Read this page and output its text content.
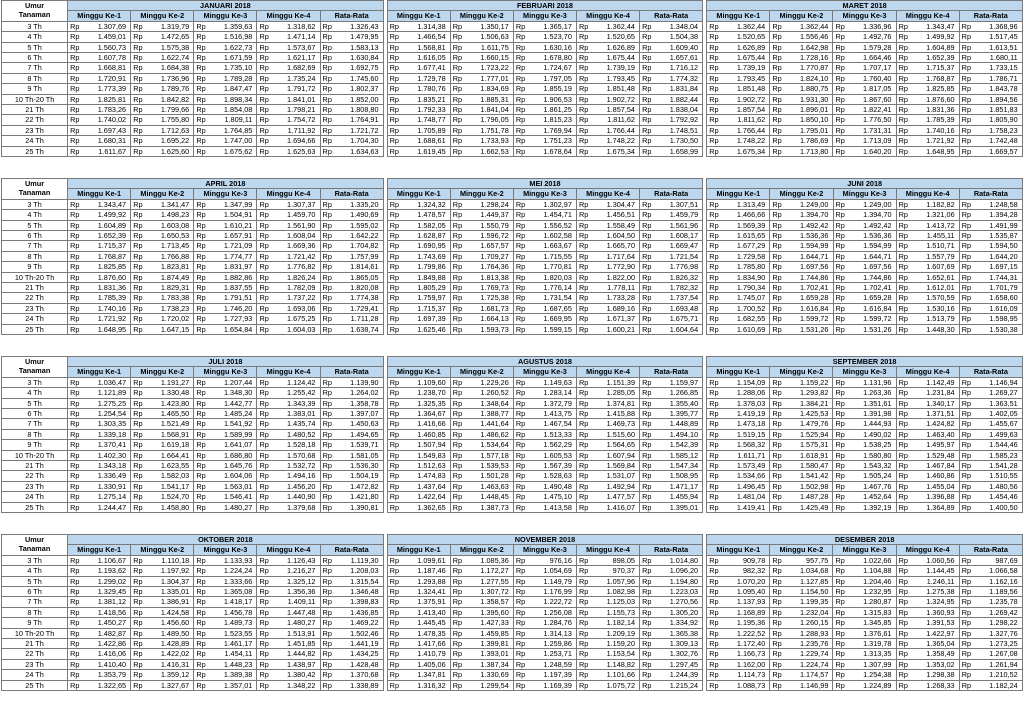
Umur
Tanaman	JANUARI 2018						FEBRUARI 2018						MARET 2018				
	Minggu Ke-1	Minggu Ke-2	Minggu Ke-3	Minggu Ke-4	Rata-Rata		Minggu Ke-1	Minggu Ke-2	Minggu Ke-3	Minggu Ke-4	Rata-Rata		Minggu Ke-1	Minggu Ke-2	Minggu Ke-3	Minggu Ke-4	Rata-Rata
3 Th	Rp 1.307,69	Rp 1.319,79	Rp 1.359,63	Rp 1.318,62	Rp 1.326,43		Rp 1.314,38	Rp 1.350,17	Rp 1.365,17	Rp 1.362,44	Rp 1.348,04		Rp 1.362,44	Rp 1.362,44	Rp 1.336,96	Rp 1.343,47	Rp 1.368,96
4 Th	Rp 1.459,01	Rp 1.472,65	Rp 1.516,98	Rp 1.471,14	Rp 1.479,95		Rp 1.466,54	Rp 1.506,63	Rp 1.523,70	Rp 1.520,65	Rp 1.504,38		Rp 1.520,65	Rp 1.556,46	Rp 1.492,76	Rp 1.499,92	Rp 1.517,45
5 Th	Rp 1.560,73	Rp 1.575,38	Rp 1.622,73	Rp 1.573,67	Rp 1.583,13		Rp 1.568,81	Rp 1.611,75	Rp 1.630,16	Rp 1.626,89	Rp 1.609,40		Rp 1.626,89	Rp 1.642,98	Rp 1.579,28	Rp 1.604,89	Rp 1.613,51
6 Th	Rp 1.607,78	Rp 1.622,74	Rp 1.671,59	Rp 1.621,17	Rp 1.630,84		Rp 1.616,05	Rp 1.660,15	Rp 1.678,80	Rp 1.675,44	Rp 1.657,61		Rp 1.675,44	Rp 1.728,16	Rp 1.664,46	Rp 1.652,39	Rp 1.680,11
7 Th	Rp 1.668,81	Rp 1.684,38	Rp 1.735,10	Rp 1.682,69	Rp 1.692,75		Rp 1.677,41	Rp 1.723,22	Rp 1.724,67	Rp 1.739,19	Rp 1.716,12		Rp 1.739,19	Rp 1.770,87	Rp 1.707,17	Rp 1.715,37	Rp 1.733,15
8 Th	Rp 1.720,91	Rp 1.736,96	Rp 1.789,28	Rp 1.735,24	Rp 1.745,60		Rp 1.729,78	Rp 1.777,01	Rp 1.797,05	Rp 1.793,45	Rp 1.774,32		Rp 1.793,45	Rp 1.824,10	Rp 1.760,40	Rp 1.768,87	Rp 1.786,71
9 Th	Rp 1.773,39	Rp 1.789,76	Rp 1.847,47	Rp 1.791,72	Rp 1.802,37		Rp 1.780,76	Rp 1.834,69	Rp 1.855,19	Rp 1.851,48	Rp 1.831,84		Rp 1.851,48	Rp 1.880,75	Rp 1.817,05	Rp 1.825,85	Rp 1.843,78
10 Th-20 Th	Rp 1.825,81	Rp 1.842,82	Rp 1.898,34	Rp 1.841,01	Rp 1.852,00		Rp 1.835,21	Rp 1.885,31	Rp 1.906,53	Rp 1.902,72	Rp 1.882,44		Rp 1.902,72	Rp 1.931,30	Rp 1.867,60	Rp 1.876,60	Rp 1.894,56
21 Th	Rp 1.783,26	Rp 1.799,66	Rp 1.854,08	Rp 1.798,21	Rp 1.808,80		Rp 1.792,33	Rp 1.841,04	Rp 1.861,25	Rp 1.857,54	Rp 1.838,04		Rp 1.857,54	Rp 1.896,01	Rp 1.822,41	Rp 1.831,36	Rp 1.851,83
22 Th	Rp 1.740,02	Rp 1.755,80	Rp 1.809,11	Rp 1.754,72	Rp 1.764,91		Rp 1.748,77	Rp 1.796,05	Rp 1.815,23	Rp 1.811,62	Rp 1.792,92		Rp 1.811,62	Rp 1.850,10	Rp 1.776,50	Rp 1.785,39	Rp 1.805,90
23 Th	Rp 1.697,43	Rp 1.712,63	Rp 1.764,85	Rp 1.711,92	Rp 1.721,72		Rp 1.705,89	Rp 1.751,78	Rp 1.769,94	Rp 1.766,44	Rp 1.748,51		Rp 1.766,44	Rp 1.795,01	Rp 1.731,31	Rp 1.740,16	Rp 1.758,23
24 Th	Rp 1.680,31	Rp 1.695,22	Rp 1.747,00	Rp 1.694,66	Rp 1.704,30		Rp 1.688,61	Rp 1.733,93	Rp 1.751,23	Rp 1.748,22	Rp 1.730,50		Rp 1.748,22	Rp 1.786,69	Rp 1.713,09	Rp 1.721,92	Rp 1.742,48
25 Th	Rp 1.611,67	Rp 1.625,60	Rp 1.675,62	Rp 1.625,63	Rp 1.634,63		Rp 1.619,45	Rp 1.662,53	Rp 1.678,64	Rp 1.675,34	Rp 1.658,99		Rp 1.675,34	Rp 1.713,80	Rp 1.640,20	Rp 1.648,95	Rp 1.669,57
Umur
Tanaman	APRIL 2018						MEI 2018						JUNI 2018				
	Minggu Ke-1	Minggu Ke-2	Minggu Ke-3	Minggu Ke-4	Rata-Rata		Minggu Ke-1	Minggu Ke-2	Minggu Ke-3	Minggu Ke-4	Rata-Rata		Minggu Ke-1	Minggu Ke-2	Minggu Ke-3	Minggu Ke-4	Rata-Rata
3 Th	Rp 1.343,47	Rp 1.341,47	Rp 1.347,99	Rp 1.307,37	Rp 1.335,20		Rp 1.324,32	Rp 1.298,24	Rp 1.302,97	Rp 1.304,47	Rp 1.307,51		Rp 1.313,49	Rp 1.249,00	Rp 1.249,00	Rp 1.182,82	Rp 1.248,58
4 Th	Rp 1.499,92	Rp 1.498,23	Rp 1.504,91	Rp 1.459,70	Rp 1.490,69		Rp 1.478,57	Rp 1.449,37	Rp 1.454,71	Rp 1.456,51	Rp 1.459,79		Rp 1.466,66	Rp 1.394,70	Rp 1.394,70	Rp 1.321,06	Rp 1.394,28
5 Th	Rp 1.604,89	Rp 1.603,08	Rp 1.610,21	Rp 1.561,90	Rp 1.595,02		Rp 1.582,05	Rp 1.550,79	Rp 1.556,52	Rp 1.558,49	Rp 1.561,96		Rp 1.569,39	Rp 1.492,42	Rp 1.492,42	Rp 1.413,72	Rp 1.491,99
6 Th	Rp 1.652,39	Rp 1.650,53	Rp 1.657,91	Rp 1.608,04	Rp 1.642,22		Rp 1.628,87	Rp 1.596,72	Rp 1.602,58	Rp 1.604,50	Rp 1.608,17		Rp 1.615,65	Rp 1.536,36	Rp 1.536,36	Rp 1.455,11	Rp 1.535,87
7 Th	Rp 1.715,37	Rp 1.713,45	Rp 1.721,09	Rp 1.669,36	Rp 1.704,82		Rp 1.690,95	Rp 1.657,57	Rp 1.663,67	Rp 1.665,70	Rp 1.669,47		Rp 1.677,29	Rp 1.594,99	Rp 1.594,99	Rp 1.510,71	Rp 1.594,50
8 Th	Rp 1.768,87	Rp 1.766,88	Rp 1.774,77	Rp 1.721,42	Rp 1.757,99		Rp 1.743,69	Rp 1.709,27	Rp 1.715,55	Rp 1.717,64	Rp 1.721,54		Rp 1.729,58	Rp 1.644,71	Rp 1.644,71	Rp 1.557,79	Rp 1.644,20
9 Th	Rp 1.825,85	Rp 1.823,81	Rp 1.831,97	Rp 1.776,82	Rp 1.814,61		Rp 1.799,86	Rp 1.764,36	Rp 1.770,81	Rp 1.772,90	Rp 1.776,98		Rp 1.785,80	Rp 1.697,56	Rp 1.697,56	Rp 1.607,69	Rp 1.697,15
10 Th-20 Th	Rp 1.876,60	Rp 1.874,49	Rp 1.882,86	Rp 1.826,24	Rp 1.865,05		Rp 1.849,88	Rp 1.813,38	Rp 1.820,03	Rp 1.822,00	Rp 1.826,32		Rp 1.834,90	Rp 1.744,86	Rp 1.744,86	Rp 1.652,61	Rp 1.744,31
21 Th	Rp 1.831,36	Rp 1.829,31	Rp 1.837,55	Rp 1.782,09	Rp 1.820,08		Rp 1.805,29	Rp 1.769,73	Rp 1.776,14	Rp 1.778,11	Rp 1.782,32		Rp 1.790,34	Rp 1.702,41	Rp 1.702,41	Rp 1.612,01	Rp 1.701,79
22 Th	Rp 1.785,39	Rp 1.783,38	Rp 1.791,51	Rp 1.737,22	Rp 1.774,38		Rp 1.759,97	Rp 1.725,38	Rp 1.731,54	Rp 1.733,28	Rp 1.737,54		Rp 1.745,07	Rp 1.659,28	Rp 1.659,28	Rp 1.570,59	Rp 1.658,60
23 Th	Rp 1.740,16	Rp 1.738,23	Rp 1.746,20	Rp 1.693,06	Rp 1.729,41		Rp 1.715,37	Rp 1.681,73	Rp 1.687,65	Rp 1.689,16	Rp 1.693,48		Rp 1.700,52	Rp 1.616,84	Rp 1.616,84	Rp 1.530,16	Rp 1.616,09
24 Th	Rp 1.721,92	Rp 1.720,02	Rp 1.727,93	Rp 1.675,25	Rp 1.711,28		Rp 1.697,39	Rp 1.664,13	Rp 1.669,95	Rp 1.671,37	Rp 1.675,71		Rp 1.682,55	Rp 1.599,72	Rp 1.599,72	Rp 1.513,79	Rp 1.598,95
25 Th	Rp 1.648,95	Rp 1.647,15	Rp 1.654,84	Rp 1.604,03	Rp 1.638,74		Rp 1.625,46	Rp 1.593,73	Rp 1.599,15	Rp 1.600,21	Rp 1.604,64		Rp 1.610,69	Rp 1.531,26	Rp 1.531,26	Rp 1.448,30	Rp 1.530,38
Umur
Tanaman	JULI 2018						AGUSTUS 2018						SEPTEMBER 2018				
	Minggu Ke-1	Minggu Ke-2	Minggu Ke-3	Minggu Ke-4	Rata-Rata		Minggu Ke-1	Minggu Ke-2	Minggu Ke-3	Minggu Ke-4	Rata-Rata		Minggu Ke-1	Minggu Ke-2	Minggu Ke-3	Minggu Ke-4	Rata-Rata
3 Th	Rp 1.036,47	Rp 1.191,27	Rp 1.207,44	Rp 1.124,42	Rp 1.139,90		Rp 1.109,60	Rp 1.229,26	Rp 1.149,63	Rp 1.151,39	Rp 1.159,97		Rp 1.154,09	Rp 1.159,22	Rp 1.131,96	Rp 1.142,49	Rp 1.146,94
4 Th	Rp 1.121,89	Rp 1.330,48	Rp 1.348,30	Rp 1.255,42	Rp 1.264,02		Rp 1.238,70	Rp 1.260,52	Rp 1.283,14	Rp 1.285,05	Rp 1.266,85		Rp 1.288,06	Rp 1.293,82	Rp 1.263,36	Rp 1.231,84	Rp 1.269,27
5 Th	Rp 1.275,25	Rp 1.423,80	Rp 1.442,77	Rp 1.343,39	Rp 1.358,78		Rp 1.325,35	Rp 1.348,64	Rp 1.372,79	Rp 1.374,81	Rp 1.355,40		Rp 1.378,03	Rp 1.384,21	Rp 1.351,61	Rp 1.340,17	Rp 1.363,51
6 Th	Rp 1.254,54	Rp 1.465,50	Rp 1.485,24	Rp 1.383,01	Rp 1.397,07		Rp 1.364,67	Rp 1.388,77	Rp 1.413,75	Rp 1.415,88	Rp 1.395,77		Rp 1.419,19	Rp 1.425,53	Rp 1.391,98	Rp 1.371,51	Rp 1.402,05
7 Th	Rp 1.303,35	Rp 1.521,49	Rp 1.541,92	Rp 1.435,74	Rp 1.450,63		Rp 1.416,66	Rp 1.441,64	Rp 1.467,54	Rp 1.469,73	Rp 1.448,89		Rp 1.473,18	Rp 1.479,76	Rp 1.444,93	Rp 1.424,82	Rp 1.455,67
8 Th	Rp 1.339,18	Rp 1.568,91	Rp 1.589,99	Rp 1.480,52	Rp 1.494,65		Rp 1.460,85	Rp 1.486,62	Rp 1.513,33	Rp 1.515,60	Rp 1.494,10		Rp 1.519,15	Rp 1.525,94	Rp 1.490,02	Rp 1.463,40	Rp 1.499,63
9 Th	Rp 1.370,41	Rp 1.619,18	Rp 1.641,07	Rp 1.528,18	Rp 1.539,71		Rp 1.507,94	Rp 1.534,64	Rp 1.562,29	Rp 1.564,65	Rp 1.542,39		Rp 1.568,32	Rp 1.575,31	Rp 1.538,25	Rp 1.495,97	Rp 1.544,46
10 Th-20 Th	Rp 1.402,30	Rp 1.664,41	Rp 1.686,80	Rp 1.570,68	Rp 1.581,05		Rp 1.549,83	Rp 1.577,18	Rp 1.605,53	Rp 1.607,94	Rp 1.585,12		Rp 1.611,71	Rp 1.618,91	Rp 1.580,80	Rp 1.529,48	Rp 1.585,23
21 Th	Rp 1.343,18	Rp 1.623,55	Rp 1.645,76	Rp 1.532,72	Rp 1.536,30		Rp 1.512,63	Rp 1.539,53	Rp 1.567,39	Rp 1.569,84	Rp 1.547,34		Rp 1.573,49	Rp 1.580,47	Rp 1.543,32	Rp 1.467,84	Rp 1.541,28
22 Th	Rp 1.336,49	Rp 1.582,03	Rp 1.604,06	Rp 1.494,16	Rp 1.504,19		Rp 1.474,83	Rp 1.501,28	Rp 1.528,63	Rp 1.531,07	Rp 1.508,95		Rp 1.534,66	Rp 1.541,42	Rp 1.505,24	Rp 1.460,86	Rp 1.510,55
23 Th	Rp 1.330,91	Rp 1.541,17	Rp 1.563,01	Rp 1.456,20	Rp 1.472,82		Rp 1.437,64	Rp 1.463,63	Rp 1.490,48	Rp 1.492,94	Rp 1.471,17		Rp 1.496,45	Rp 1.502,98	Rp 1.467,76	Rp 1.455,04	Rp 1.480,56
24 Th	Rp 1.275,14	Rp 1.524,70	Rp 1.546,41	Rp 1.440,90	Rp 1.421,80		Rp 1.422,64	Rp 1.448,45	Rp 1.475,10	Rp 1.477,57	Rp 1.455,94		Rp 1.481,04	Rp 1.487,28	Rp 1.452,64	Rp 1.396,88	Rp 1.454,46
25 Th	Rp 1.244,47	Rp 1.458,80	Rp 1.480,27	Rp 1.379,68	Rp 1.390,81		Rp 1.362,65	Rp 1.387,73	Rp 1.413,58	Rp 1.416,07	Rp 1.395,01		Rp 1.419,41	Rp 1.425,49	Rp 1.392,19	Rp 1.364,89	Rp 1.400,50
Umur
Tanaman	OKTOBER 2018						NOVEMBER 2018						DESEMBER 2018				
	Minggu Ke-1	Minggu Ke-2	Minggu Ke-3	Minggu Ke-4	Rata-Rata		Minggu Ke-1	Minggu Ke-2	Minggu Ke-3	Minggu Ke-4	Rata-Rata		Minggu Ke-1	Minggu Ke-2	Minggu Ke-3	Minggu Ke-4	Rata-Rata
3 Th	Rp 1.106,67	Rp 1.110,18	Rp 1.133,93	Rp 1.126,43	Rp 1.119,30		Rp 1.099,61	Rp 1.085,36	Rp 976,16	Rp 898,05	Rp 1.014,80		Rp 909,78	Rp 957,75	Rp 1.022,66	Rp 1.060,56	Rp 987,69
4 Th	Rp 1.193,62	Rp 1.197,92	Rp 1.224,24	Rp 1.216,27	Rp 1.208,03		Rp 1.187,46	Rp 1.172,27	Rp 1.054,69	Rp 970,37	Rp 1.096,20		Rp 982,32	Rp 1.034,68	Rp 1.104,88	Rp 1.144,45	Rp 1.066,58
5 Th	Rp 1.299,02	Rp 1.304,37	Rp 1.333,66	Rp 1.325,12	Rp 1.315,54		Rp 1.293,88	Rp 1.277,55	Rp 1.149,79	Rp 1.057,96	Rp 1.194,80		Rp 1.070,20	Rp 1.127,85	Rp 1.204,46	Rp 1.246,11	Rp 1.162,16
6 Th	Rp 1.329,45	Rp 1.335,01	Rp 1.365,08	Rp 1.356,36	Rp 1.346,48		Rp 1.324,41	Rp 1.307,72	Rp 1.176,99	Rp 1.082,98	Rp 1.223,03		Rp 1.095,40	Rp 1.154,50	Rp 1.232,95	Rp 1.275,38	Rp 1.189,56
7 Th	Rp 1.381,12	Rp 1.386,91	Rp 1.418,17	Rp 1.409,11	Rp 1.398,83		Rp 1.375,91	Rp 1.358,57	Rp 1.222,72	Rp 1.125,03	Rp 1.270,56		Rp 1.137,93	Rp 1.199,35	Rp 1.280,87	Rp 1.324,95	Rp 1.235,78
8 Th	Rp 1.418,56	Rp 1.424,58	Rp 1.456,78	Rp 1.447,48	Rp 1.436,85		Rp 1.413,40	Rp 1.395,60	Rp 1.256,08	Rp 1.155,73	Rp 1.305,20		Rp 1.168,89	Rp 1.232,04	Rp 1.315,83	Rp 1.360,93	Rp 1.269,42
9 Th	Rp 1.450,27	Rp 1.456,60	Rp 1.489,73	Rp 1.480,27	Rp 1.469,22		Rp 1.445,45	Rp 1.427,33	Rp 1.284,76	Rp 1.182,14	Rp 1.334,92		Rp 1.195,36	Rp 1.260,15	Rp 1.345,85	Rp 1.391,53	Rp 1.298,22
10 Th-20 Th	Rp 1.482,87	Rp 1.489,50	Rp 1.523,55	Rp 1.513,91	Rp 1.502,46		Rp 1.478,35	Rp 1.459,85	Rp 1.314,13	Rp 1.209,19	Rp 1.365,38		Rp 1.222,52	Rp 1.288,93	Rp 1.376,61	Rp 1.422,97	Rp 1.327,76
21 Th	Rp 1.422,86	Rp 1.428,89	Rp 1.461,17	Rp 1.451,85	Rp 1.441,19		Rp 1.417,66	Rp 1.399,81	Rp 1.259,86	Rp 1.159,20	Rp 1.309,13		Rp 1.172,40	Rp 1.235,76	Rp 1.319,78	Rp 1.365,04	Rp 1.273,25
22 Th	Rp 1.416,06	Rp 1.422,02	Rp 1.454,11	Rp 1.444,82	Rp 1.434,25		Rp 1.410,79	Rp 1.393,01	Rp 1.253,71	Rp 1.153,54	Rp 1.302,76		Rp 1.166,73	Rp 1.229,74	Rp 1.313,35	Rp 1.358,49	Rp 1.267,08
23 Th	Rp 1.410,40	Rp 1.416,31	Rp 1.448,23	Rp 1.438,97	Rp 1.428,48		Rp 1.405,06	Rp 1.387,34	Rp 1.248,59	Rp 1.148,82	Rp 1.297,45		Rp 1.162,00	Rp 1.224,74	Rp 1.307,99	Rp 1.353,02	Rp 1.261,94
24 Th	Rp 1.353,79	Rp 1.359,12	Rp 1.389,38	Rp 1.380,42	Rp 1.370,68		Rp 1.347,81	Rp 1.330,69	Rp 1.197,39	Rp 1.101,66	Rp 1.244,39		Rp 1.114,73	Rp 1.174,57	Rp 1.254,38	Rp 1.298,38	Rp 1.210,52
25 Th	Rp 1.322,65	Rp 1.327,67	Rp 1.357,01	Rp 1.348,22	Rp 1.338,89		Rp 1.316,32	Rp 1.299,54	Rp 1.169,39	Rp 1.075,72	Rp 1.215,24		Rp 1.088,73	Rp 1.146,99	Rp 1.224,89	Rp 1.268,33	Rp 1.182,24
